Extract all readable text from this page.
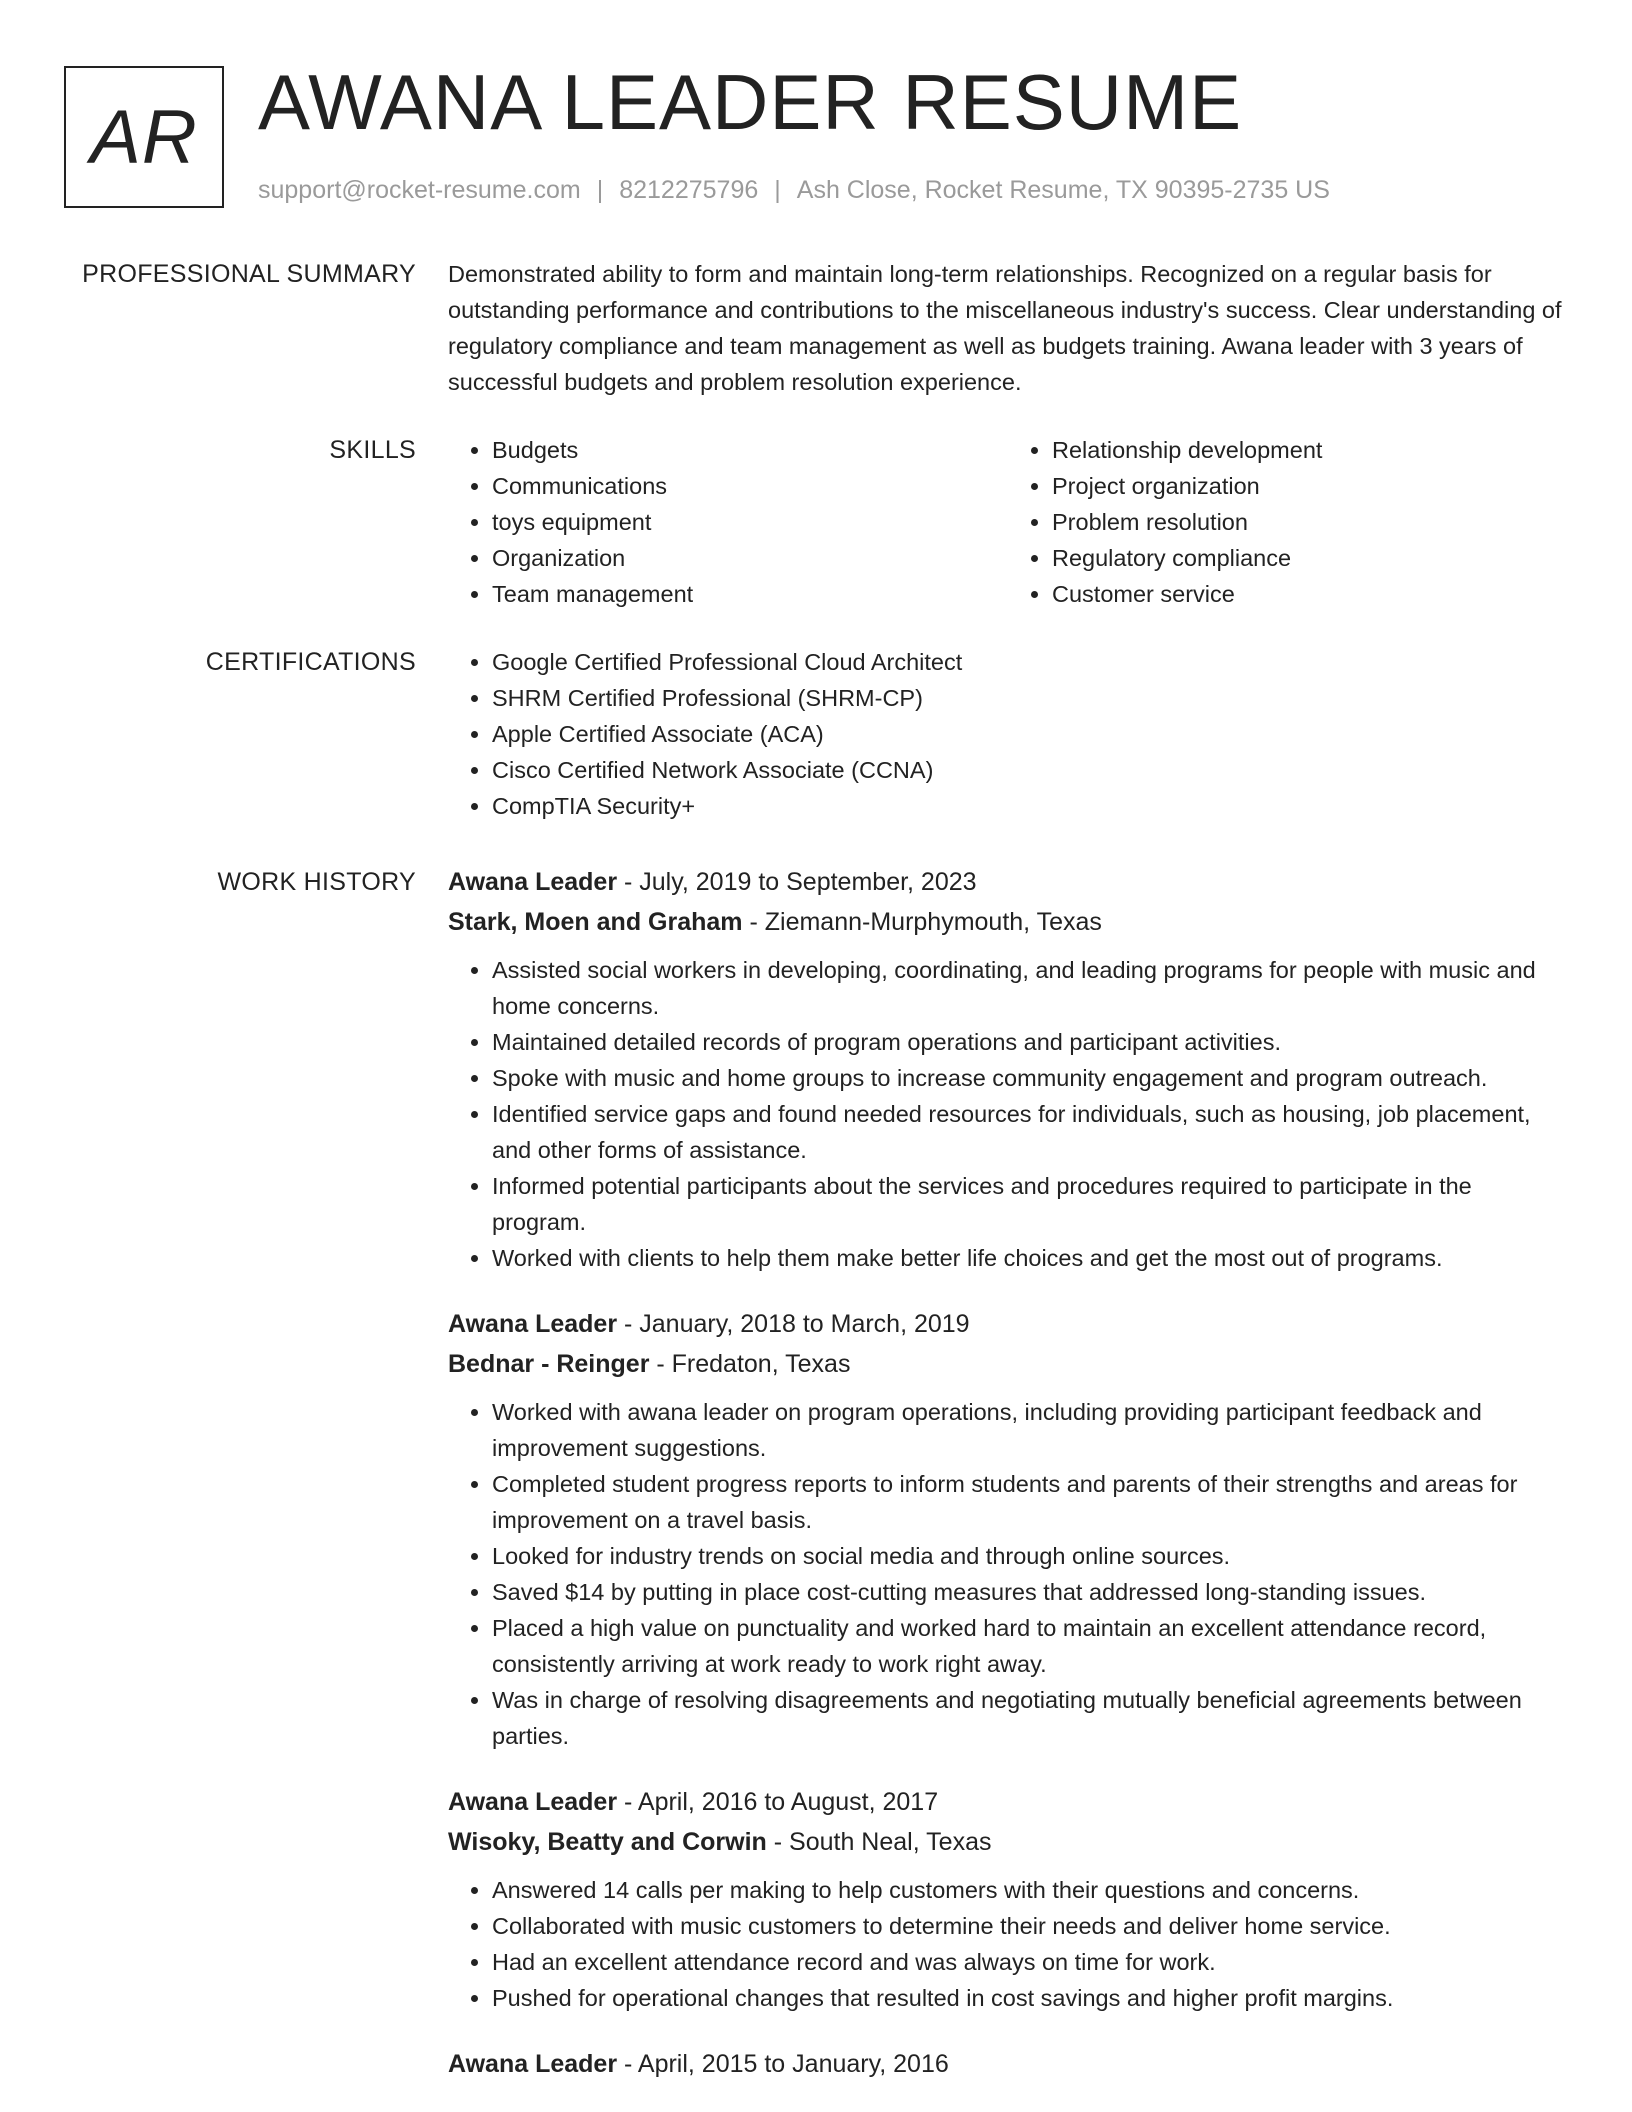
AR AWANA LEADER RESUME
support@rocket-resume.com | 8212275796 | Ash Close, Rocket Resume, TX 90395-2735 US
PROFESSIONAL SUMMARY Demonstrated ability to form and maintain long-term relationships. Recognized on a regular basis for outstanding performance and contributions to the miscellaneous industry's success. Clear understanding of regulatory compliance and team management as well as budgets training. Awana leader with 3 years of successful budgets and problem resolution experience.

SKILLS	• Budgets
• Communications
• toys equipment
• Organization
• Team management
• Relationship development
• Project organization
• Problem resolution
• Regulatory compliance
• Customer service
CERTIFICATIONS	• Google Certified Professional Cloud Architect
• SHRM Certified Professional (SHRM-CP)
• Apple Certified Associate (ACA)
• Cisco Certified Network Associate (CCNA)
• CompTIA Security+
WORK HISTORY Awana Leader - July, 2019 to September, 2023
Stark, Moen and Graham - Ziemann-Murphymouth, Texas
• Assisted social workers in developing, coordinating, and leading programs for people with music and home concerns.
• Maintained detailed records of program operations and participant activities.
• Spoke with music and home groups to increase community engagement and program outreach.
• Identified service gaps and found needed resources for individuals, such as housing, job placement, and other forms of assistance.
• Informed potential participants about the services and procedures required to participate in the program.
• Worked with clients to help them make better life choices and get the most out of programs.
Awana Leader - January, 2018 to March, 2019
Bednar - Reinger - Fredaton, Texas
• Worked with awana leader on program operations, including providing participant feedback and improvement suggestions.
• Completed student progress reports to inform students and parents of their strengths and areas for improvement on a travel basis.
• Looked for industry trends on social media and through online sources.
• Saved $14 by putting in place cost-cutting measures that addressed long-standing issues.
• Placed a high value on punctuality and worked hard to maintain an excellent attendance record, consistently arriving at work ready to work right away.
• Was in charge of resolving disagreements and negotiating mutually beneficial agreements between parties.
Awana Leader - April, 2016 to August, 2017
Wisoky, Beatty and Corwin - South Neal, Texas
• Answered 14 calls per making to help customers with their questions and concerns.
• Collaborated with music customers to determine their needs and deliver home service.
• Had an excellent attendance record and was always on time for work.
• Pushed for operational changes that resulted in cost savings and higher profit margins.
Awana Leader - April, 2015 to January, 2016
